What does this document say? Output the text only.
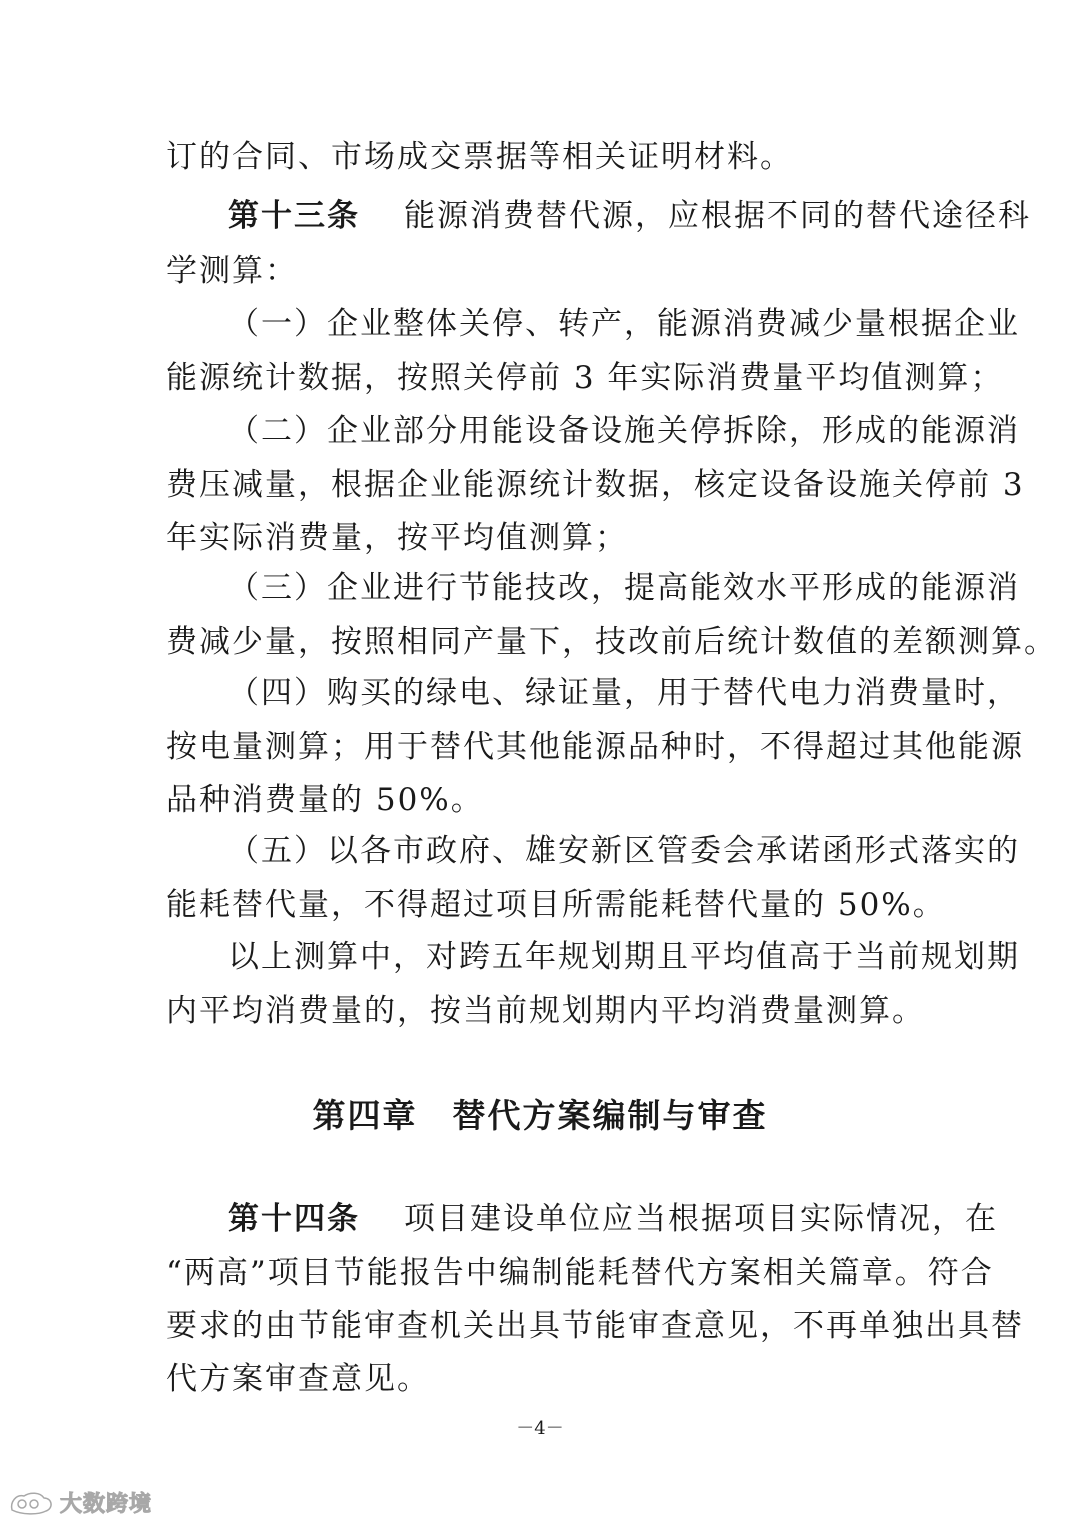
订的合同、市场成交票据等相关证明材料。
第十三条 能源消费替代源，应根据不同的替代途径科
学测算：
（一）企业整体关停、转产，能源消费减少量根据企业
能源统计数据，按照关停前 3 年实际消费量平均值测算；
（二）企业部分用能设备设施关停拆除，形成的能源消
费压减量，根据企业能源统计数据，核定设备设施关停前 3
年实际消费量，按平均值测算；
（三）企业进行节能技改，提高能效水平形成的能源消
费减少量，按照相同产量下，技改前后统计数值的差额测算。
（四）购买的绿电、绿证量，用于替代电力消费量时，
按电量测算；用于替代其他能源品种时，不得超过其他能源
品种消费量的 50%。
（五）以各市政府、雄安新区管委会承诺函形式落实的
能耗替代量，不得超过项目所需能耗替代量的 50%。
以上测算中，对跨五年规划期且平均值高于当前规划期
内平均消费量的，按当前规划期内平均消费量测算。
第四章　替代方案编制与审查
第十四条 项目建设单位应当根据项目实际情况，在
“两高”项目节能报告中编制能耗替代方案相关篇章。符合
要求的由节能审查机关出具节能审查意见，不再单独出具替
代方案审查意见。
－4－
大数跨境
